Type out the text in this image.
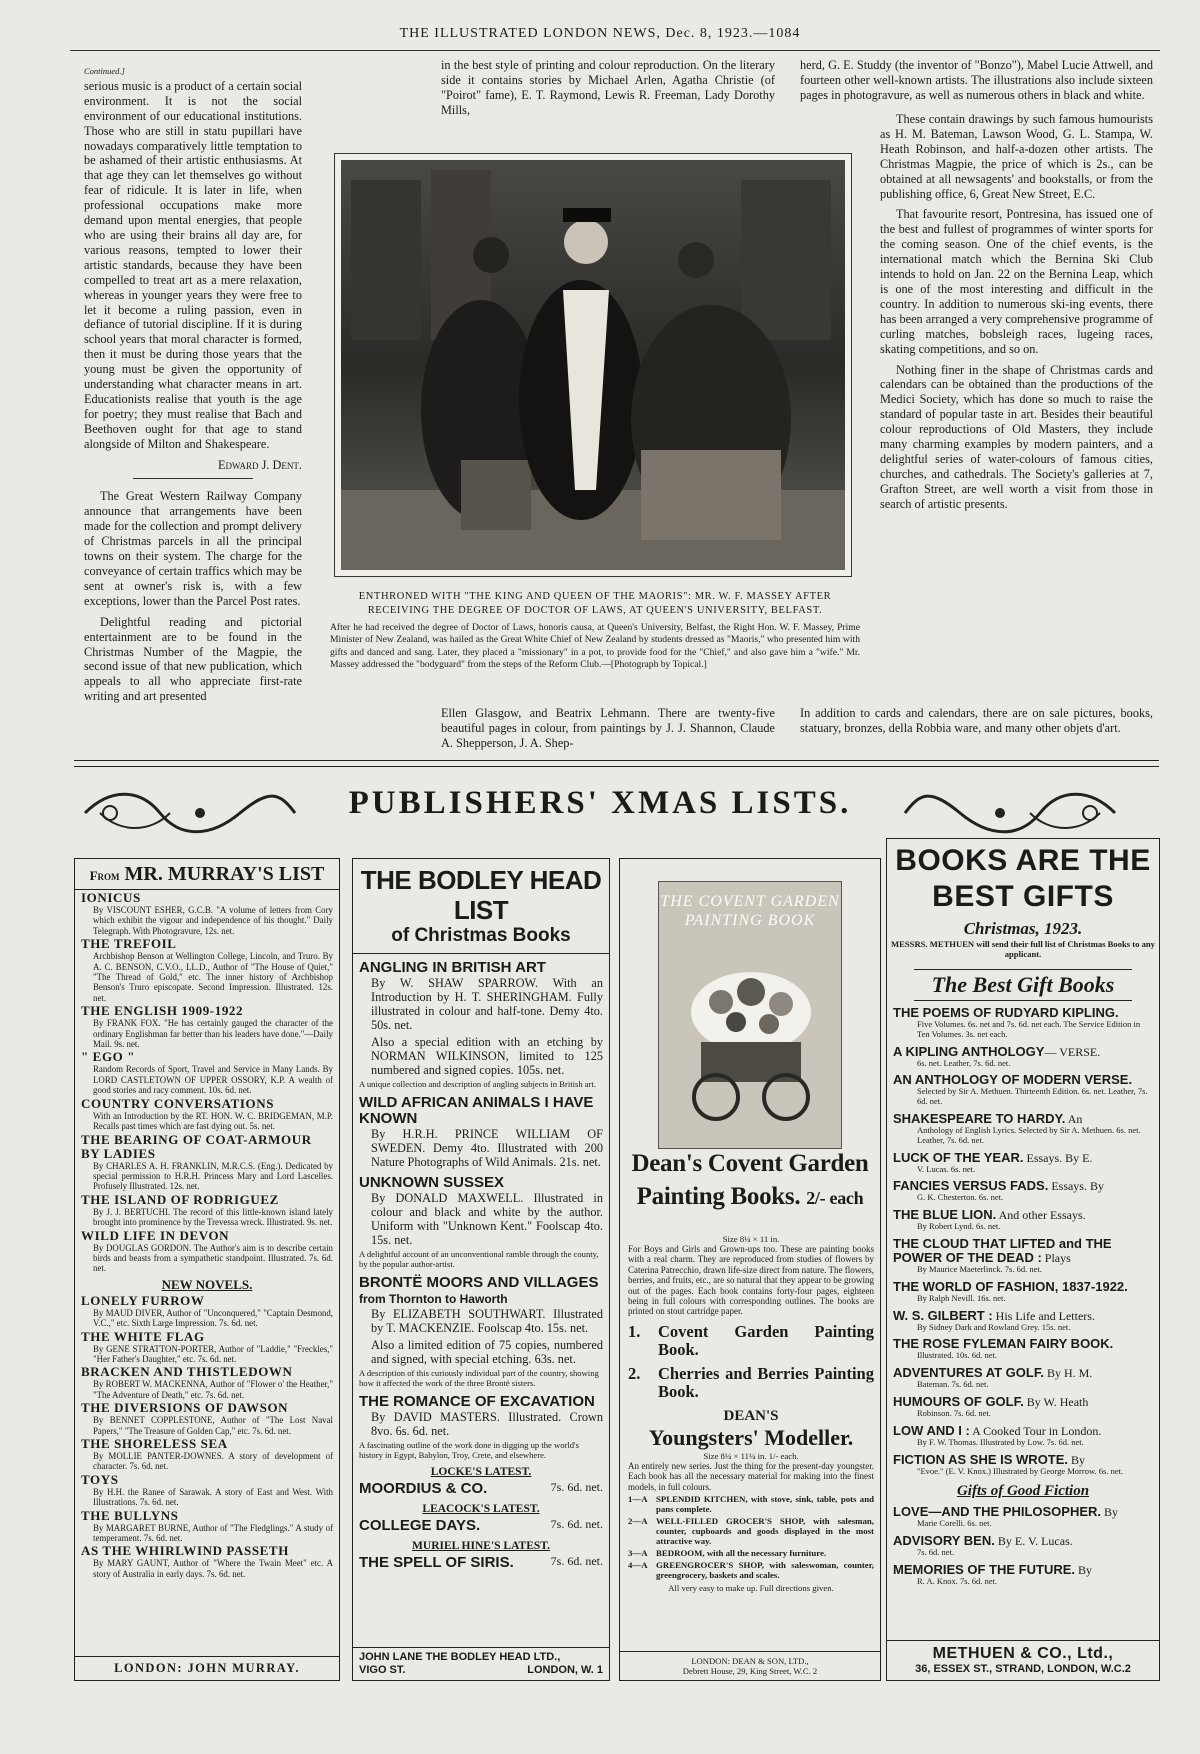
THE ILLUSTRATED LONDON NEWS, Dec. 8, 1923.—1084

Continued.]

serious music is a product of a certain social environment. It is not the social environment of our educational institutions. Those who are still in statu pupillari have nowadays comparatively little temptation to be ashamed of their artistic enthusiasms. At that age they can let themselves go without fear of ridicule. It is later in life, when professional occupations make more demand upon mental energies, that people who are using their brains all day are, for various reasons, tempted to lower their artistic standards, because they have been compelled to treat art as a mere relaxation, whereas in younger years they were free to let it become a ruling passion, even in defiance of tutorial discipline. If it is during school years that moral character is formed, then it must be during those years that the young must be given the opportunity of understanding what character means in art. Educationists realise that youth is the age for poetry; they must realise that Bach and Beethoven ought for that age to stand alongside of Milton and Shakespeare.

Edward J. Dent.

The Great Western Railway Company announce that arrangements have been made for the collection and prompt delivery of Christmas parcels in all the principal towns on their system. The charge for the conveyance of certain traffics which may be sent at owner's risk is, with a few exceptions, lower than the Parcel Post rates.

Delightful reading and pictorial entertainment are to be found in the Christmas Number of the Magpie, the second issue of that new publication, which appeals to all who appreciate first-rate writing and art presented

in the best style of printing and colour reproduction. On the literary side it contains stories by Michael Arlen, Agatha Christie (of "Poirot" fame), E. T. Raymond, Lewis R. Freeman, Lady Dorothy Mills,

herd, G. E. Studdy (the inventor of "Bonzo"), Mabel Lucie Attwell, and fourteen other well-known artists. The illustrations also include sixteen pages in photogravure, as well as numerous others in black and white.

These contain drawings by such famous humourists as H. M. Bateman, Lawson Wood, G. L. Stampa, W. Heath Robinson, and half-a-dozen other artists. The Christmas Magpie, the price of which is 2s., can be obtained at all newsagents' and bookstalls, or from the publishing office, 6, Great New Street, E.C.

That favourite resort, Pontresina, has issued one of the best and fullest of programmes of winter sports for the coming season. One of the chief events, is the international match which the Bernina Ski Club intends to hold on Jan. 22 on the Bernina Leap, which is one of the most interesting and difficult in the country. In addition to numerous ski-ing events, there has been arranged a very comprehensive programme of curling matches, bobsleigh races, lugeing races, skating competitions, and so on.

Nothing finer in the shape of Christmas cards and calendars can be obtained than the productions of the Medici Society, which has done so much to raise the standard of popular taste in art. Besides their beautiful colour reproductions of Old Masters, they include many charming examples by modern painters, and a delightful series of water-colours of famous cities, churches, and cathedrals. The Society's galleries at 7, Grafton Street, are well worth a visit from those in search of artistic presents.

ENTHRONED WITH "THE KING AND QUEEN OF THE MAORIS": MR. W. F. MASSEY AFTER RECEIVING THE DEGREE OF DOCTOR OF LAWS, AT QUEEN'S UNIVERSITY, BELFAST.
After he had received the degree of Doctor of Laws, honoris causa, at Queen's University, Belfast, the Right Hon. W. F. Massey, Prime Minister of New Zealand, was hailed as the Great White Chief of New Zealand by students dressed as "Maoris," who presented him with gifts and danced and sang. Later, they placed a "missionary" in a pot, to provide food for the "Chief," and also gave him a "wife." Mr. Massey addressed the "bodyguard" from the steps of the Reform Club.—[Photograph by Topical.]

Ellen Glasgow, and Beatrix Lehmann. There are twenty-five beautiful pages in colour, from paintings by J. J. Shannon, Claude A. Shepperson, J. A. Shep-

In addition to cards and calendars, there are on sale pictures, books, statuary, bronzes, della Robbia ware, and many other objets d'art.

PUBLISHERS' XMAS LISTS.
From MR. MURRAY'S LIST
IONICUS
By VISCOUNT ESHER, G.C.B. "A volume of letters from Cory which exhibit the vigour and independence of his thought." Daily Telegraph. With Photogravure, 12s. net.
THE TREFOIL
Archbishop Benson at Wellington College, Lincoln, and Truro. By A. C. BENSON, C.V.O., LL.D., Author of "The House of Quiet," "The Thread of Gold," etc. The inner history of Archbishop Benson's Truro episcopate. Second Impression. Illustrated. 12s. net.
THE ENGLISH 1909-1922
By FRANK FOX. "He has certainly gauged the character of the ordinary Englishman far better than his leaders have done."—Daily Mail. 9s. net.
" EGO "
Random Records of Sport, Travel and Service in Many Lands. By LORD CASTLETOWN OF UPPER OSSORY, K.P. A wealth of good stories and racy comment. 10s. 6d. net.
COUNTRY CONVERSATIONS
With an Introduction by the RT. HON. W. C. BRIDGEMAN, M.P. Recalls past times which are fast dying out. 5s. net.
THE BEARING OF COAT-ARMOUR BY LADIES
By CHARLES A. H. FRANKLIN, M.R.C.S. (Eng.). Dedicated by special permission to H.R.H. Princess Mary and Lord Lascelles. Profusely Illustrated. 12s. net.
THE ISLAND OF RODRIGUEZ
By J. J. BERTUCHI. The record of this little-known island lately brought into prominence by the Trevessa wreck. Illustrated. 9s. net.
WILD LIFE IN DEVON
By DOUGLAS GORDON. The Author's aim is to describe certain birds and beasts from a sympathetic standpoint. Illustrated. 7s. 6d. net.
NEW NOVELS.
LONELY FURROW
By MAUD DIVER, Author of "Unconquered," "Captain Desmond, V.C.," etc. Sixth Large Impression. 7s. 6d. net.
THE WHITE FLAG
By GENE STRATTON-PORTER, Author of "Laddie," "Freckles," "Her Father's Daughter," etc. 7s. 6d. net.
BRACKEN AND THISTLEDOWN
By ROBERT W. MACKENNA, Author of "Flower o' the Heather," "The Adventure of Death," etc. 7s. 6d. net.
THE DIVERSIONS OF DAWSON
By BENNET COPPLESTONE, Author of "The Lost Naval Papers," "The Treasure of Golden Cap," etc. 7s. 6d. net.
THE SHORELESS SEA
By MOLLIE PANTER-DOWNES. A story of development of character. 7s. 6d. net.
TOYS
By H.H. the Ranee of Sarawak. A story of East and West. With Illustrations. 7s. 6d. net.
THE BULLYNS
By MARGARET BURNE, Author of "The Fledglings." A study of temperament. 7s. 6d. net.
AS THE WHIRLWIND PASSETH
By MARY GAUNT, Author of "Where the Twain Meet" etc. A story of Australia in early days. 7s. 6d. net.
LONDON: JOHN MURRAY.
THE BODLEY HEAD LIST
of Christmas Books
ANGLING IN BRITISH ART
By W. SHAW SPARROW. With an Introduction by H. T. SHERINGHAM. Fully illustrated in colour and half-tone. Demy 4to. 50s. net.
Also a special edition with an etching by NORMAN WILKINSON, limited to 125 numbered and signed copies. 105s. net.
A unique collection and description of angling subjects in British art.
WILD AFRICAN ANIMALS I HAVE KNOWN
By H.R.H. PRINCE WILLIAM OF SWEDEN. Demy 4to. Illustrated with 200 Nature Photographs of Wild Animals. 21s. net.
UNKNOWN SUSSEX
By DONALD MAXWELL. Illustrated in colour and black and white by the author. Uniform with "Unknown Kent." Foolscap 4to. 15s. net.
A delightful account of an unconventional ramble through the county, by the popular author-artist.
BRONTË MOORS AND VILLAGES
from Thornton to Haworth
By ELIZABETH SOUTHWART. Illustrated by T. MACKENZIE. Foolscap 4to. 15s. net.
Also a limited edition of 75 copies, numbered and signed, with special etching. 63s. net.
A description of this curiously individual part of the country, showing how it affected the work of the three Brontë sisters.
THE ROMANCE OF EXCAVATION
By DAVID MASTERS. Illustrated. Crown 8vo. 6s. 6d. net.
A fascinating outline of the work done in digging up the world's history in Egypt, Babylon, Troy, Crete, and elsewhere.
LOCKE'S LATEST.
MOORDIUS & CO.	7s. 6d. net.
LEACOCK'S LATEST.
COLLEGE DAYS.	7s. 6d. net.
MURIEL HINE'S LATEST.
THE SPELL OF SIRIS.	7s. 6d. net.
JOHN LANE THE BODLEY HEAD LTD.,
VIGO ST.	LONDON, W. 1
THE COVENT GARDEN PAINTING BOOK
Dean's Covent Garden Painting Books. 2/- each
Size 8¼ × 11 in.
For Boys and Girls and Grown-ups too. These are painting books with a real charm. They are reproduced from studies of flowers by Caterina Patrecchio, drawn life-size direct from nature. The flowers, berries, and fruits, etc., are so natural that they appear to be growing out of the pages. Each book contains forty-four pages, eighteen being in full colours with corresponding outlines. The books are printed on stout cartridge paper.
1.	Covent Garden Painting Book.
2.	Cherries and Berries Painting Book.
DEAN'S
Youngsters' Modeller.
Size 8¼ × 11¼ in. 1/- each.
An entirely new series. Just the thing for the present-day youngster. Each book has all the necessary material for making into the finest models, in full colours.
1—A SPLENDID KITCHEN, with stove, sink, table, pots and pans complete.
2—A WELL-FILLED GROCER'S SHOP, with salesman, counter, cupboards and goods displayed in the most attractive way.
3—A BEDROOM, with all the necessary furniture.
4—A GREENGROCER'S SHOP, with saleswoman, counter, greengrocery, baskets and scales.
All very easy to make up. Full directions given.
LONDON: DEAN & SON, LTD.,
Debrett House, 29, King Street, W.C. 2
BOOKS ARE THE
BEST GIFTS
Christmas, 1923.
MESSRS. METHUEN will send their full list of Christmas Books to any applicant.
The Best Gift Books
THE POEMS OF RUDYARD KIPLING.
Five Volumes. 6s. net and 7s. 6d. net each. The Service Edition in Ten Volumes. 3s. net each.
A KIPLING ANTHOLOGY— VERSE.
6s. net. Leather, 7s. 6d. net.
AN ANTHOLOGY OF MODERN VERSE.
Selected by Sir A. Methuen. Thirteenth Edition. 6s. net. Leather, 7s. 6d. net.
SHAKESPEARE TO HARDY. An
Anthology of English Lyrics. Selected by Sir A. Methuen. 6s. net. Leather, 7s. 6d. net.
LUCK OF THE YEAR. Essays. By E.
V. Lucas. 6s. net.
FANCIES VERSUS FADS. Essays. By
G. K. Chesterton. 6s. net.
THE BLUE LION. And other Essays.
By Robert Lynd. 6s. net.
THE CLOUD THAT LIFTED and THE POWER OF THE DEAD : Plays
By Maurice Maeterlinck. 7s. 6d. net.
THE WORLD OF FASHION, 1837-1922.
By Ralph Nevill. 16s. net.
W. S. GILBERT : His Life and Letters.
By Sidney Dark and Rowland Grey. 15s. net.
THE ROSE FYLEMAN FAIRY BOOK.
Illustrated. 10s. 6d. net.
ADVENTURES AT GOLF. By H. M.
Bateman. 7s. 6d. net.
HUMOURS OF GOLF. By W. Heath
Robinson. 7s. 6d. net.
LOW AND I : A Cooked Tour in London.
By F. W. Thomas. Illustrated by Low. 7s. 6d. net.
FICTION AS SHE IS WROTE. By
"Evoe." (E. V. Knox.) Illustrated by George Morrow. 6s. net.
Gifts of Good Fiction
LOVE—AND THE PHILOSOPHER. By
Marie Corelli. 6s. net.
ADVISORY BEN. By E. V. Lucas.
7s. 6d. net.
MEMORIES OF THE FUTURE. By
R. A. Knox. 7s. 6d. net.
METHUEN & CO., Ltd.,
36, ESSEX ST., STRAND, LONDON, W.C.2
